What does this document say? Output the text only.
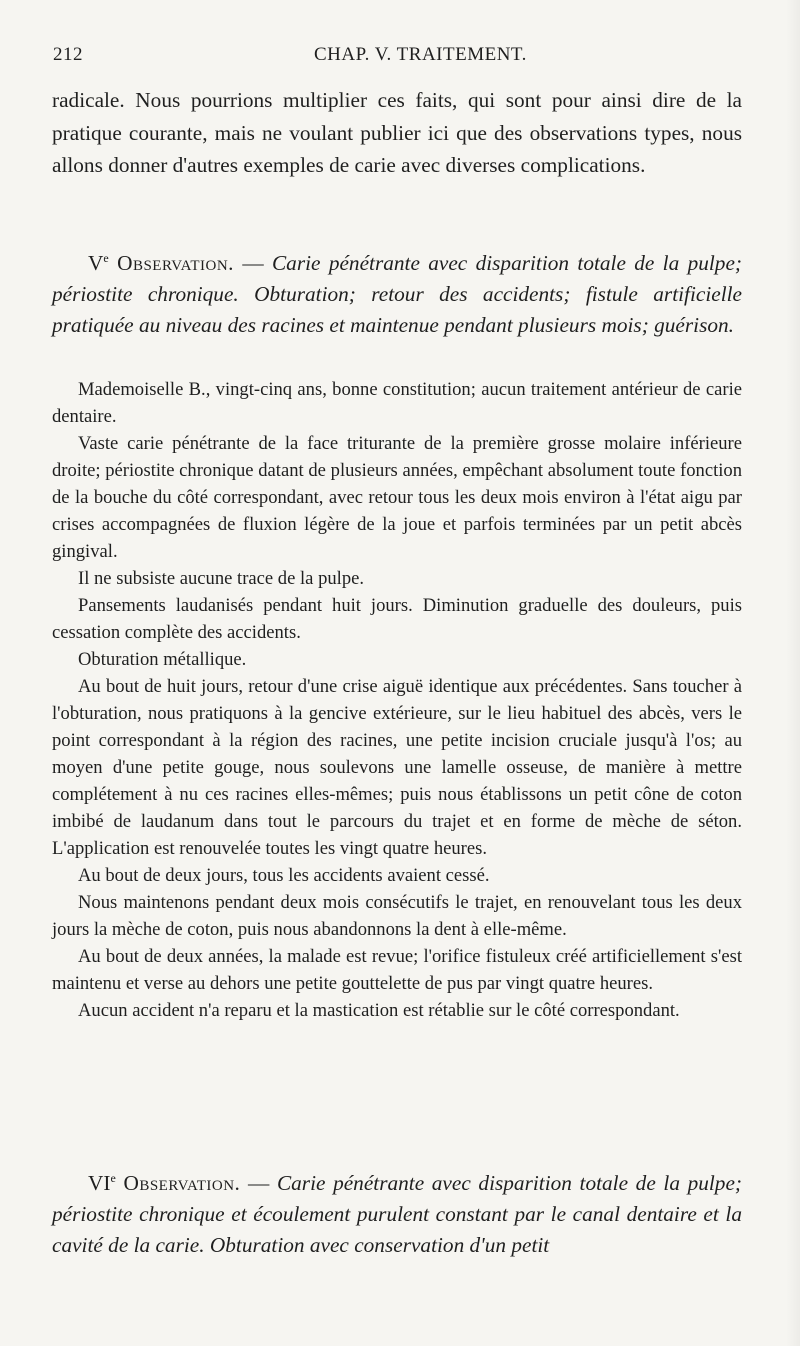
212	CHAP. V. TRAITEMENT.
radicale. Nous pourrions multiplier ces faits, qui sont pour ainsi dire de la pratique courante, mais ne voulant publier ici que des observations types, nous allons donner d'autres exemples de carie avec diverses complications.

Ve Observation. — Carie pénétrante avec disparition totale de la pulpe; périostite chronique. Obturation; retour des accidents; fistule artificielle pratiquée au niveau des racines et maintenue pendant plusieurs mois; guérison.

Mademoiselle B., vingt-cinq ans, bonne constitution; aucun traitement antérieur de carie dentaire.

Vaste carie pénétrante de la face triturante de la première grosse molaire inférieure droite; périostite chronique datant de plusieurs années, empêchant absolument toute fonction de la bouche du côté correspondant, avec retour tous les deux mois environ à l'état aigu par crises accompagnées de fluxion légère de la joue et parfois terminées par un petit abcès gingival.

Il ne subsiste aucune trace de la pulpe.

Pansements laudanisés pendant huit jours. Diminution graduelle des douleurs, puis cessation complète des accidents.

Obturation métallique.

Au bout de huit jours, retour d'une crise aiguë identique aux précédentes. Sans toucher à l'obturation, nous pratiquons à la gencive extérieure, sur le lieu habituel des abcès, vers le point correspondant à la région des racines, une petite incision cruciale jusqu'à l'os; au moyen d'une petite gouge, nous soulevons une lamelle osseuse, de manière à mettre complétement à nu ces racines elles-mêmes; puis nous établissons un petit cône de coton imbibé de laudanum dans tout le parcours du trajet et en forme de mèche de séton. L'application est renouvelée toutes les vingt quatre heures.

Au bout de deux jours, tous les accidents avaient cessé.

Nous maintenons pendant deux mois consécutifs le trajet, en renouvelant tous les deux jours la mèche de coton, puis nous abandonnons la dent à elle-même.

Au bout de deux années, la malade est revue; l'orifice fistuleux créé artificiellement s'est maintenu et verse au dehors une petite gouttelette de pus par vingt quatre heures.

Aucun accident n'a reparu et la mastication est rétablie sur le côté correspondant.

VIe Observation. — Carie pénétrante avec disparition totale de la pulpe; périostite chronique et écoulement purulent constant par le canal dentaire et la cavité de la carie. Obturation avec conservation d'un petit
